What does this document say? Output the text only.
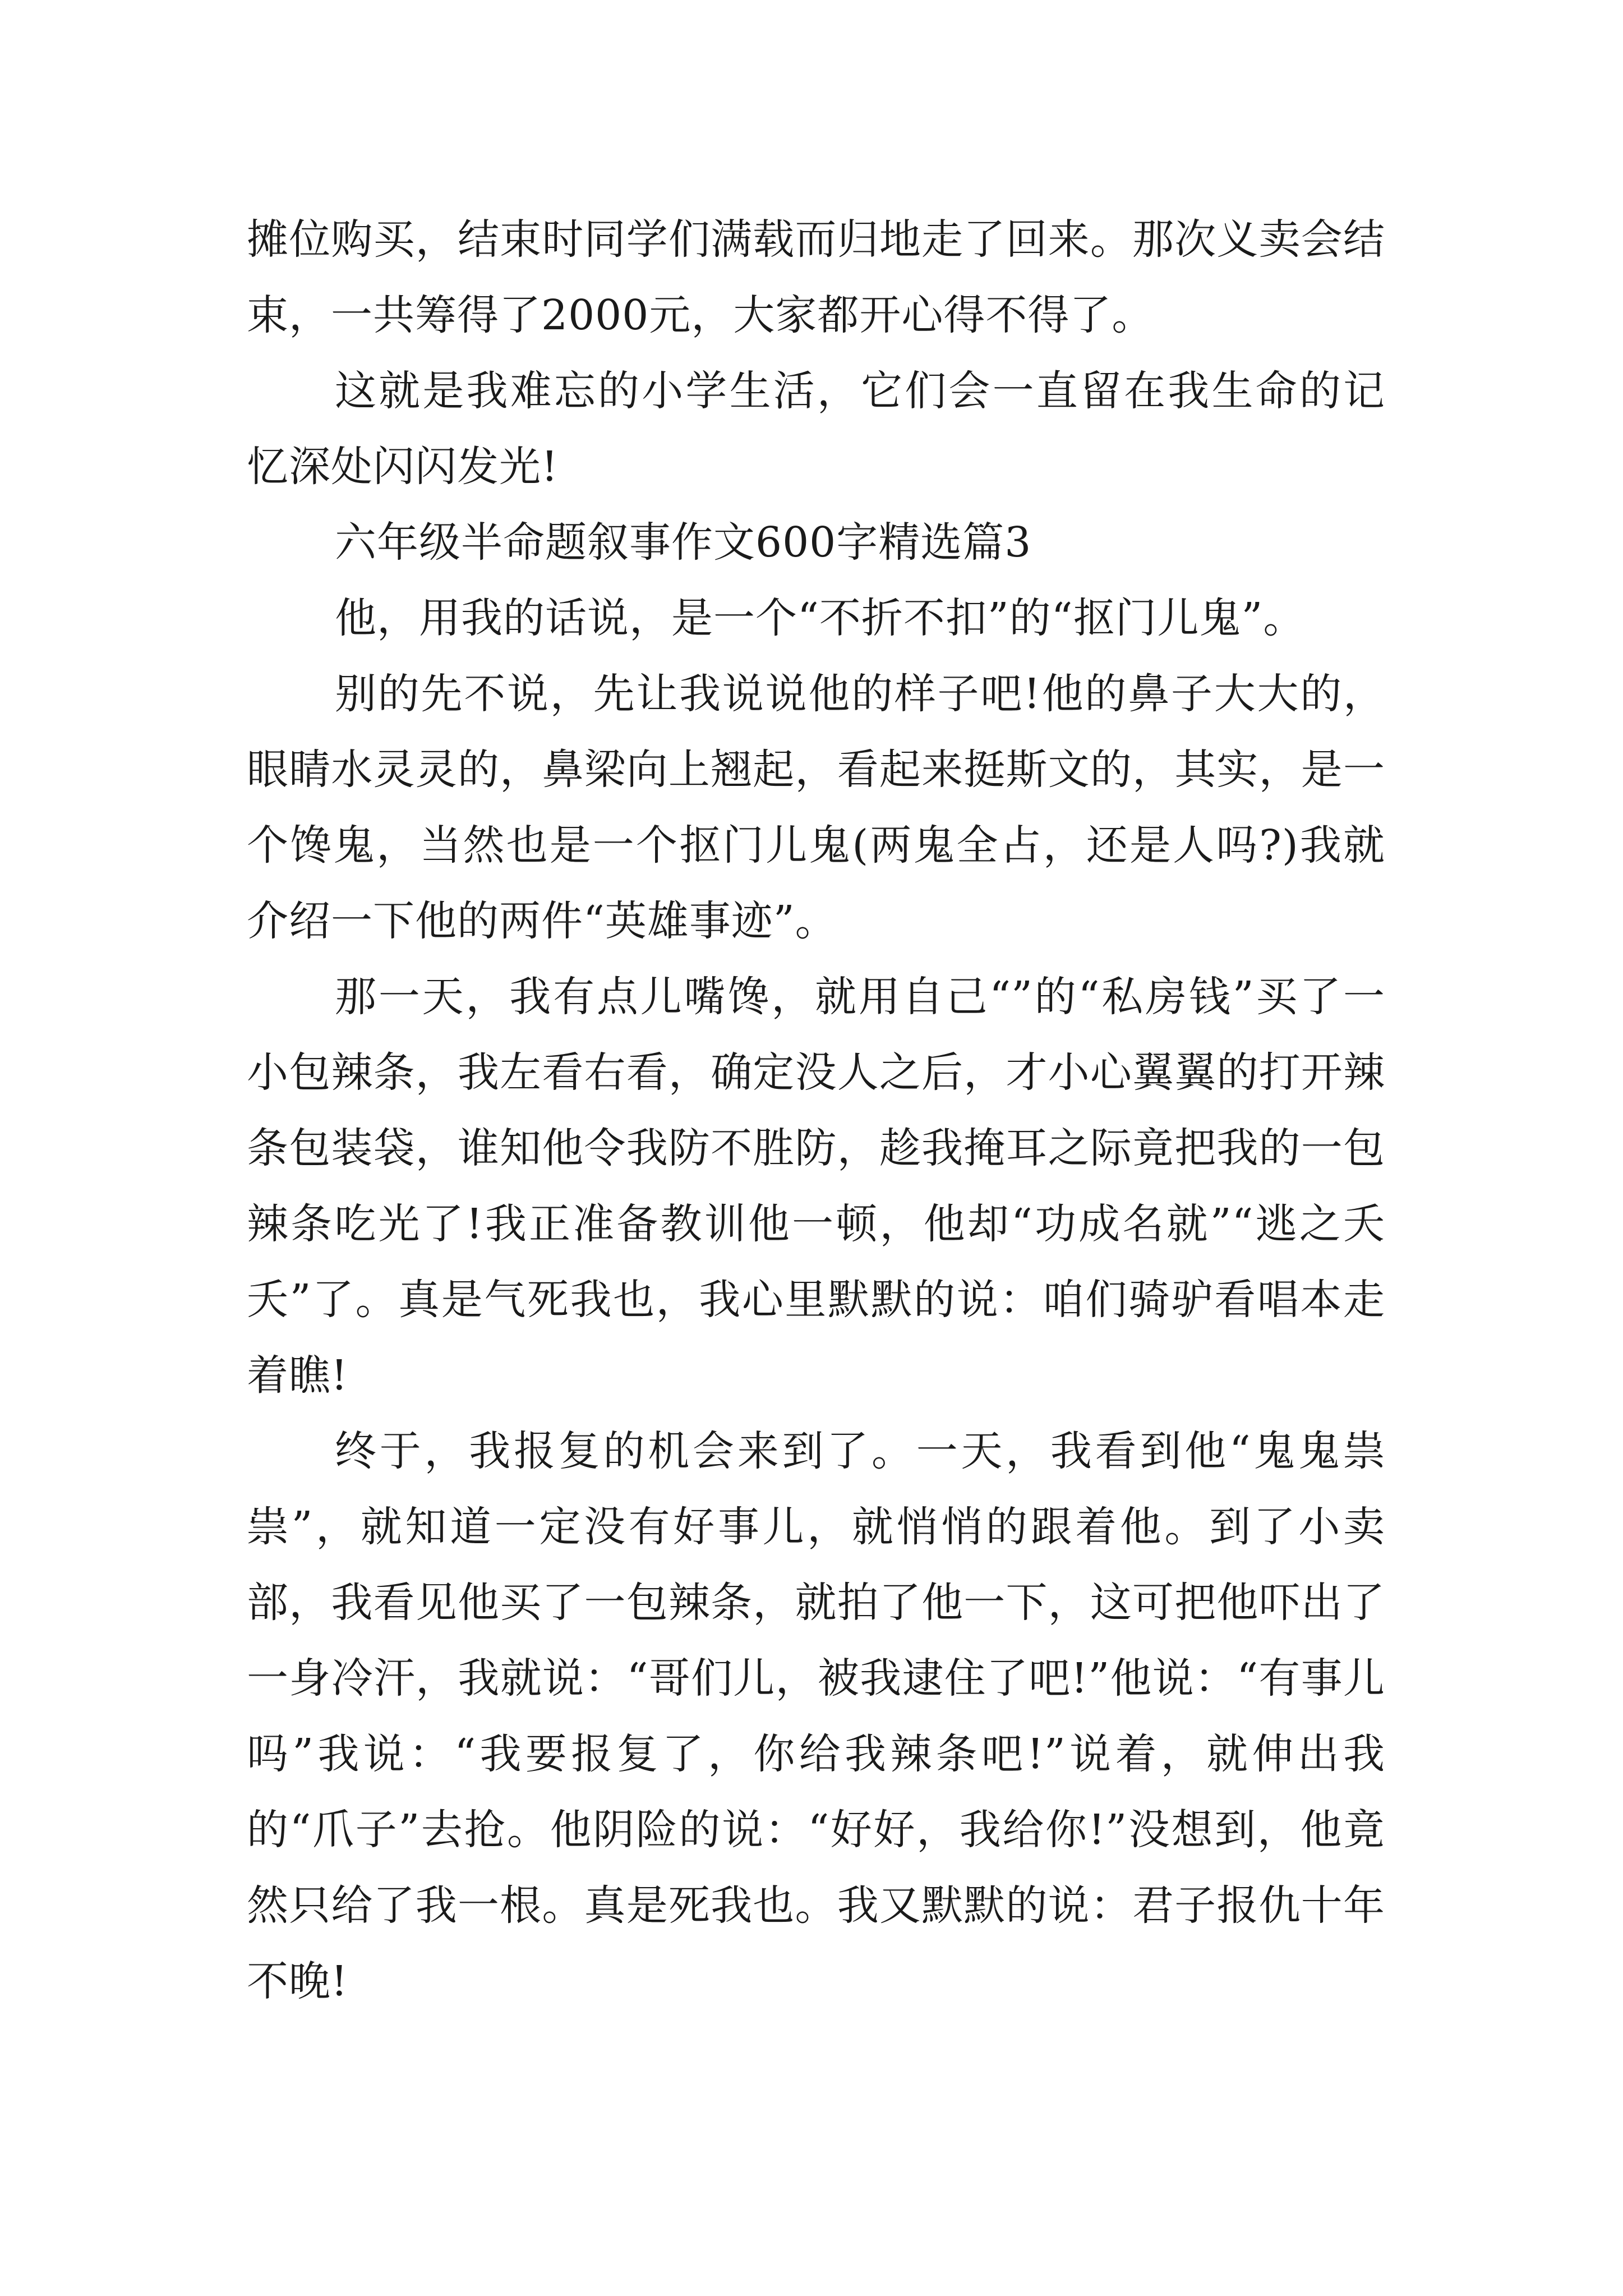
摊位购买，结束时同学们满载而归地走了回来。那次义卖会结束，一共筹得了2000元，大家都开心得不得了。

这就是我难忘的小学生活，它们会一直留在我生命的记忆深处闪闪发光!

六年级半命题叙事作文600字精选篇3

他，用我的话说，是一个“不折不扣”的“抠门儿鬼”。

别的先不说，先让我说说他的样子吧!他的鼻子大大的，眼睛水灵灵的，鼻梁向上翘起，看起来挺斯文的，其实，是一个馋鬼，当然也是一个抠门儿鬼(两鬼全占，还是人吗?)我就介绍一下他的两件“英雄事迹”。

那一天，我有点儿嘴馋，就用自己“”的“私房钱”买了一小包辣条，我左看右看，确定没人之后，才小心翼翼的打开辣条包装袋，谁知他令我防不胜防，趁我掩耳之际竟把我的一包辣条吃光了!我正准备教训他一顿，他却“功成名就”“逃之夭夭”了。真是气死我也，我心里默默的说：咱们骑驴看唱本走着瞧!

终于，我报复的机会来到了。一天，我看到他“鬼鬼祟祟”，就知道一定没有好事儿，就悄悄的跟着他。到了小卖部，我看见他买了一包辣条，就拍了他一下，这可把他吓出了一身冷汗，我就说：“哥们儿，被我逮住了吧!”他说：“有事儿吗”我说：“我要报复了，你给我辣条吧!”说着，就伸出我的“爪子”去抢。他阴险的说：“好好，我给你!”没想到，他竟然只给了我一根。真是死我也。我又默默的说：君子报仇十年不晚!
